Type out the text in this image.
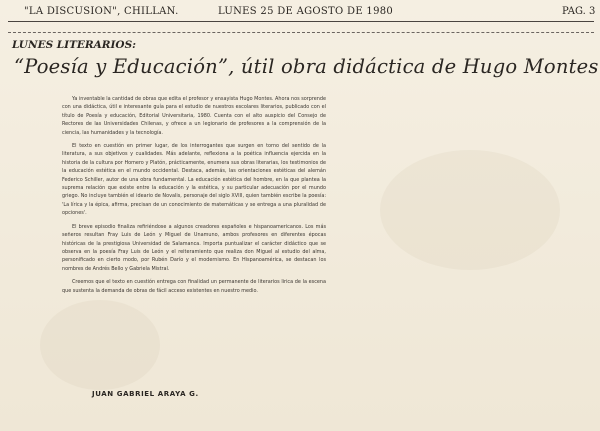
"LA DISCUSION", CHILLAN.	LUNES 25 DE AGOSTO DE 1980	PAG. 3
LUNES LITERARIOS:
“Poesía y Educación”, útil obra didáctica de Hugo Montes

Ya inventable la cantidad de obras que edita el profesor y ensayista Hugo Montes. Ahora nos sorprende con una didáctica, útil e interesante guía para el estudio de nuestros escolares literarios, publicado con el título de Poesía y educación, Editorial Universitaria, 1980. Cuenta con el alto auspicio del Consejo de Rectores de las Universidades Chilenas, y ofrece a un legionario de profesores a la comprensión de la ciencia, las humanidades y la tecnología.

El texto en cuestión en primer lugar, de los interrogantes que surgen en torno del sentido de la literatura, a sus objetivos y cualidades. Más adelante, reflexiona a la poética influencia ejercida en la historia de la cultura por Homero y Platón, prácticamente, enumera sus obras literarias, los testimonios de la educación estética en el mundo occidental. Destaca, además, las orientaciones estéticas del alemán Federico Schiller, autor de una obra fundamental. La educación estética del hombre, en la que plantea la suprema relación que existe entre la educación y la estética, y su particular adecuación por el mundo griego. No incluye también el ideario de Novalis, personaje del siglo XVIII, quien también escribe la poesía: 'La lírica y la épica, afirma, precisan de un conocimiento de matemáticas y se entrega a una pluralidad de opciones'.

El breve episodio finaliza refiriéndose a algunos creadores españoles e hispanoamericanos. Los más señeros resultan Fray Luis de León y Miguel de Unamuno, ambos profesores en diferentes épocas históricas de la prestigiosa Universidad de Salamanca. Importa puntualizar el carácter didáctico que se observa en la poesía Fray Luis de León y el reiteramiento que realiza don Miguel al estudio del alma, personificado en cierto modo, por Rubén Darío y el modernismo. En Hispanoamérica, se destacan los nombres de Andrés Bello y Gabriela Mistral.

Creemos que el texto en cuestión entrega con finalidad un permanente de literarios lirica de la escena que sustenta la demanda de obras de fácil acceso existentes en nuestro medio.

JUAN GABRIEL ARAYA G.
